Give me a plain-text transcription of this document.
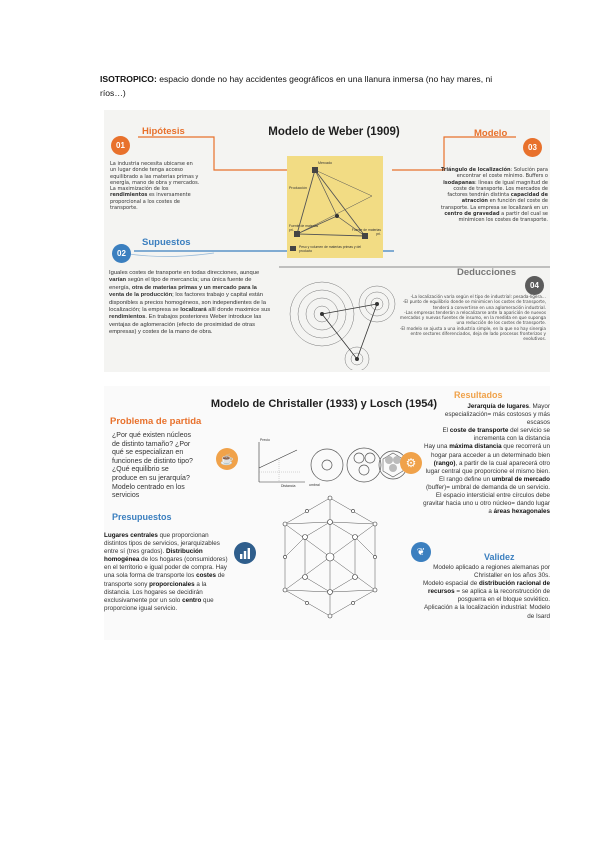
ISOTROPICO: espacio donde no hay accidentes geográficos en una llanura inmersa (no hay mares, ni ríos…)
Modelo de Weber (1909)
01
Hipótesis
La industria necesita ubicarse en un lugar donde tenga acceso equilibrado a las materias primas y energía, mano de obra y mercados. La maximización de los rendimientos es inversamente proporcional a los costes de transporte.
Mercado
Producción
Fuente de materias pri.	Fuente de materias pri.
Peso y volumen de materias primas y del producto
Modelo
03
Triángulo de localización: Solución para encontrar el coste mínimo. Buffers o isodapanas: líneas de igual magnitud de coste de transporte. Los mercados de factores tendrán distinta capacidad de atracción en función del coste de transporte. La empresa se localizará en un centro de gravedad a partir del cual se minimicen los costes de transporte.
02
Supuestos
Iguales costes de transporte en todas direcciones, aunque varían según el tipo de mercancía; una única fuente de energía, otra de materias primas y un mercado para la venta de la producción; los factores trabajo y capital están disponibles a precios homogéneos, son independientes de la localización; la empresa se localizará allí donde maximice sus rendimientos. En trabajos posteriores Weber introduce las ventajas de aglomeración (efecto de proximidad de otras empresas) y costes de la mano de obra.
Deducciones
04
-La localización varía según el tipo de industrial: pesada-ligera…
-El punto de equilibrio donde se minimicen los costes de transporte, tenderá a convertirse en una aglomeración industrial.
-Las empresas tenderán a relocalizarse ante la aparición de nuevos mercados y nuevas fuentes de insumo, en la medida en que suponga una reducción de los costes de transporte.
-El modelo se ajusta a una industria simple, en la que no hay sinergia entre sectores diferenciados, deja de lado procesos fronterizos y evolutivos.
Modelo de Christaller (1933) y Losch (1954)
Problema de partida
¿Por qué existen núcleos de distinto tamaño? ¿Por qué se especializan en funciones de distinto tipo? ¿Qué equilibrio se produce en su jerarquía?
Modelo centrado en los servicios
☕
Presupuestos
Lugares centrales que proporcionan distintos tipos de servicios, jerarquizables entre sí (tres grados). Distribución homogénea de los hogares (consumidores) en el territorio e igual poder de compra. Hay una sola forma de transporte los costes de transporte sony proporcionales a la distancia. Los hogares se decidirán exclusivamente por un solo centro que proporcione igual servicio.
Precio
Distancia	umbral
Resultados
Jerarquía de lugares. Mayor especialización= más costosos y más escasos
El coste de transporte del servicio se incrementa con la distancia
Hay una máxima distancia que recorrerá un hogar para acceder a un determinado bien (rango), a partir de la cual aparecerá otro lugar central que proporcione el mismo bien.
El rango define un umbral de mercado (buffer)= umbral de demanda de un servicio.
El espacio intersticial entre círculos debe gravitar hacia uno u otro núcleo= dando lugar a áreas hexagonales
⚙
❦	Validez
Modelo aplicado a regiones alemanas por Christaller en los años 30s.
Modelo espacial de distribución racional de recursos = se aplica a la reconstrucción de posguerra en el bloque soviético.
Aplicación a la localización industrial: Modelo de Isard
